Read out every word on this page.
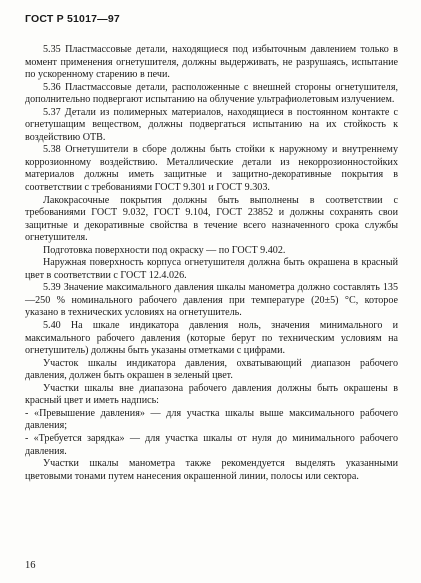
ГОСТ Р 51017—97

5.35 Пластмассовые детали, находящиеся под избыточным давлением только в момент применения огнетушителя, должны выдерживать, не разрушаясь, испытание по ускоренному старению в печи.

5.36 Пластмассовые детали, расположенные с внешней стороны огнетушителя, дополнительно подвергают испытанию на облучение ультрафиолетовым излучением.

5.37 Детали из полимерных материалов, находящиеся в постоянном контакте с огнетушащим веществом, должны подвергаться испытанию на их стойкость к воздействию ОТВ.

5.38 Огнетушители в сборе должны быть стойки к наружному и внутреннему коррозионному воздействию. Металлические детали из некоррозионностойких материалов должны иметь защитные и защитно-декоративные покрытия в соответствии с требованиями ГОСТ 9.301 и ГОСТ 9.303.

Лакокрасочные покрытия должны быть выполнены в соответствии с требованиями ГОСТ 9.032, ГОСТ 9.104, ГОСТ 23852 и должны сохранять свои защитные и декоративные свойства в течение всего назначенного срока службы огнетушителя.

Подготовка поверхности под окраску — по ГОСТ 9.402.

Наружная поверхность корпуса огнетушителя должна быть окрашена в красный цвет в соответствии с ГОСТ 12.4.026.

5.39 Значение максимального давления шкалы манометра должно составлять 135—250 % номинального рабочего давления при температуре (20±5) °С, которое указано в технических условиях на огнетушитель.

5.40 На шкале индикатора давления ноль, значения минимального и максимального рабочего давления (которые берут по техническим условиям на огнетушитель) должны быть указаны отметками с цифрами.

Участок шкалы индикатора давления, охватывающий диапазон рабочего давления, должен быть окрашен в зеленый цвет.

Участки шкалы вне диапазона рабочего давления должны быть окрашены в красный цвет и иметь надпись:

- «Превышение давления» — для участка шкалы выше максимального рабочего давления;

- «Требуется зарядка» — для участка шкалы от нуля до минимального рабочего давления.

Участки шкалы манометра также рекомендуется выделять указанными цветовыми тонами путем нанесения окрашенной линии, полосы или сектора.

16
